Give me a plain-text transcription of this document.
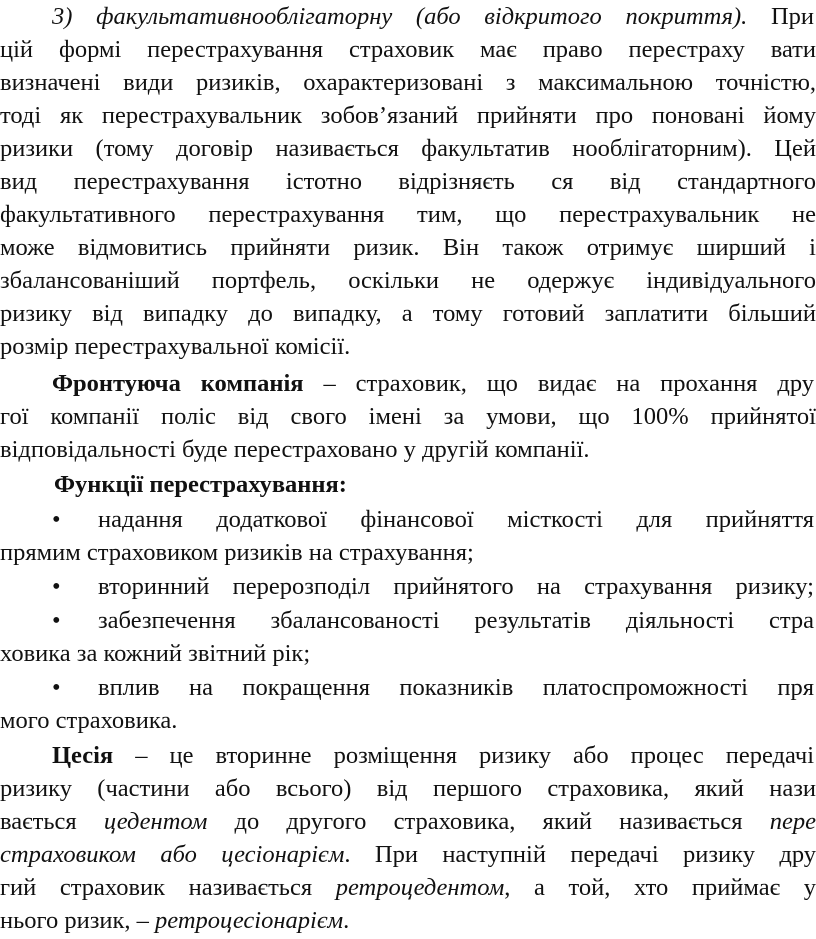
3) факультативнооблігаторну (або відкритого покриття). При
цій формі перестрахування страховик має право перестраху вати
визначені види ризиків, охарактеризовані з максимальною точністю,
тоді як перестрахувальник зобов’язаний прийняти про поновані йому
ризики (тому договір називається факультатив нооблігаторним). Цей
вид перестрахування істотно відрізняєть ся від стандартного
факультативного перестрахування тим, що перестрахувальник не
може відмовитись прийняти ризик. Він також отримує ширший і
збалансованіший портфель, оскільки не одержує індивідуального
ризику від випадку до випадку, а тому готовий заплатити більший
розмір перестрахувальної комісії.
Фронтуюча компанія – страховик, що видає на прохання дру
гої компанії поліс від свого імені за умови, що 100% прийнятої
відповідальності буде перестраховано у другій компанії.
Функції перестрахування:
• надання додаткової фінансової місткості для прийняття
прямим страховиком ризиків на страхування;
• вторинний перерозподіл прийнятого на страхування ризику;
• забезпечення збалансованості результатів діяльності стра
ховика за кожний звітний рік;
• вплив на покращення показників платоспроможності пря
мого страховика.
Цесія – це вторинне розміщення ризику або процес передачі
ризику (частини або всього) від першого страховика, який нази
вається цедентом до другого страховика, який називається пере
страховиком або цесіонарієм. При наступній передачі ризику дру
гий страховик називається ретроцедентом, а той, хто приймає у
нього ризик, – ретроцесіонарієм.
